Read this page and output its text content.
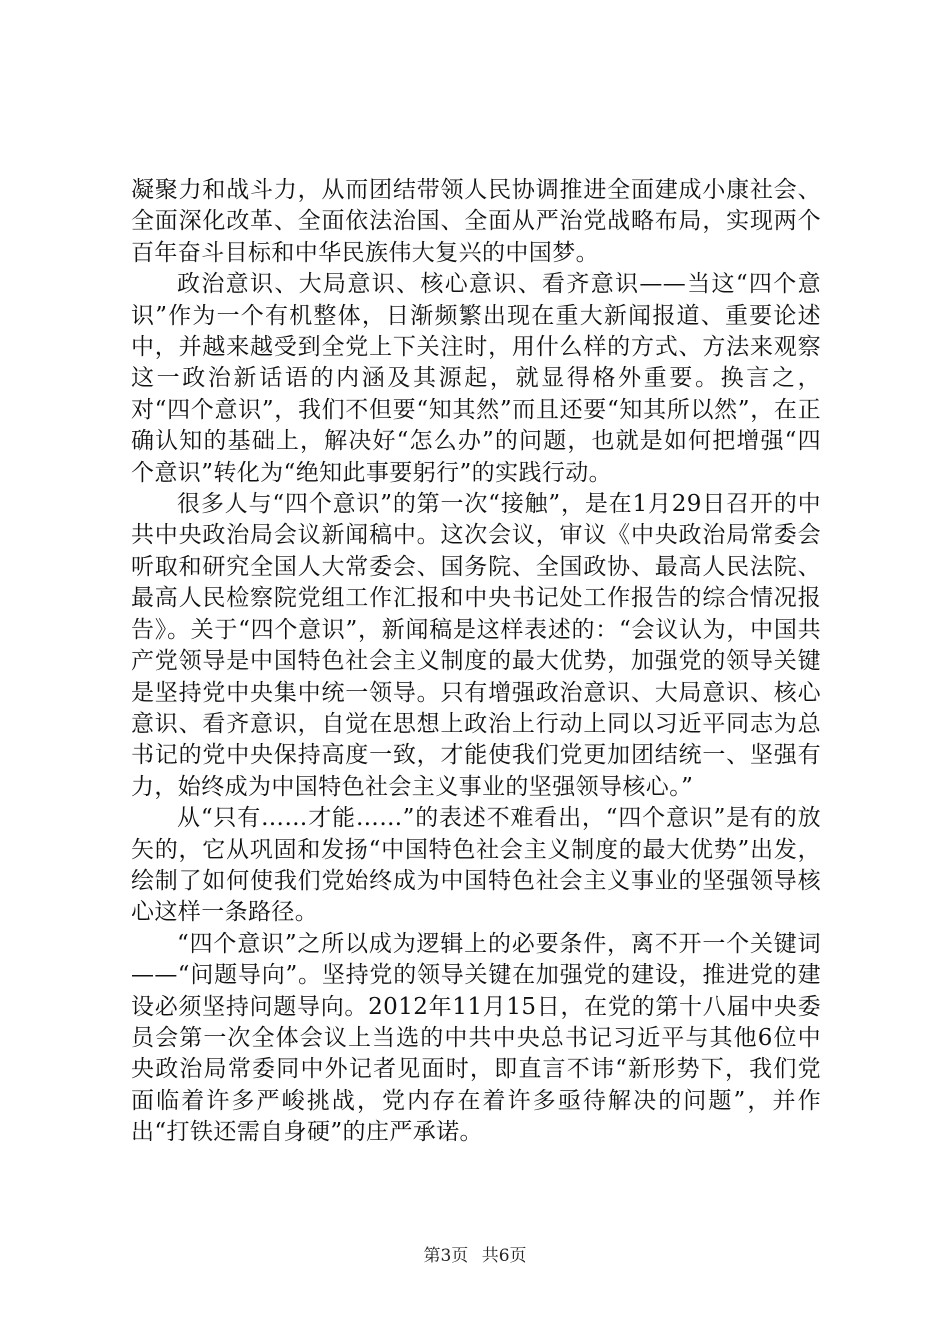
凝聚力和战斗力，从而团结带领人民协调推进全面建成小康社会、全面深化改革、全面依法治国、全面从严治党战略布局，实现两个百年奋斗目标和中华民族伟大复兴的中国梦。

政治意识、大局意识、核心意识、看齐意识——当这“四个意识”作为一个有机整体，日渐频繁出现在重大新闻报道、重要论述中，并越来越受到全党上下关注时，用什么样的方式、方法来观察这一政治新话语的内涵及其源起，就显得格外重要。换言之，对“四个意识”，我们不但要“知其然”而且还要“知其所以然”，在正确认知的基础上，解决好“怎么办”的问题，也就是如何把增强“四个意识”转化为“绝知此事要躬行”的实践行动。

很多人与“四个意识”的第一次“接触”，是在1月29日召开的中共中央政治局会议新闻稿中。这次会议，审议《中央政治局常委会听取和研究全国人大常委会、国务院、全国政协、最高人民法院、最高人民检察院党组工作汇报和中央书记处工作报告的综合情况报告》。关于“四个意识”，新闻稿是这样表述的：“会议认为，中国共产党领导是中国特色社会主义制度的最大优势，加强党的领导关键是坚持党中央集中统一领导。只有增强政治意识、大局意识、核心意识、看齐意识，自觉在思想上政治上行动上同以习近平同志为总书记的党中央保持高度一致，才能使我们党更加团结统一、坚强有力，始终成为中国特色社会主义事业的坚强领导核心。”

从“只有……才能……”的表述不难看出，“四个意识”是有的放矢的，它从巩固和发扬“中国特色社会主义制度的最大优势”出发，绘制了如何使我们党始终成为中国特色社会主义事业的坚强领导核心这样一条路径。

“四个意识”之所以成为逻辑上的必要条件，离不开一个关键词——“问题导向”。坚持党的领导关键在加强党的建设，推进党的建设必须坚持问题导向。2012年11月15日，在党的第十八届中央委员会第一次全体会议上当选的中共中央总书记习近平与其他6位中央政治局常委同中外记者见面时，即直言不讳“新形势下，我们党面临着许多严峻挑战，党内存在着许多亟待解决的问题”，并作出“打铁还需自身硬”的庄严承诺。

第3页 共6页
